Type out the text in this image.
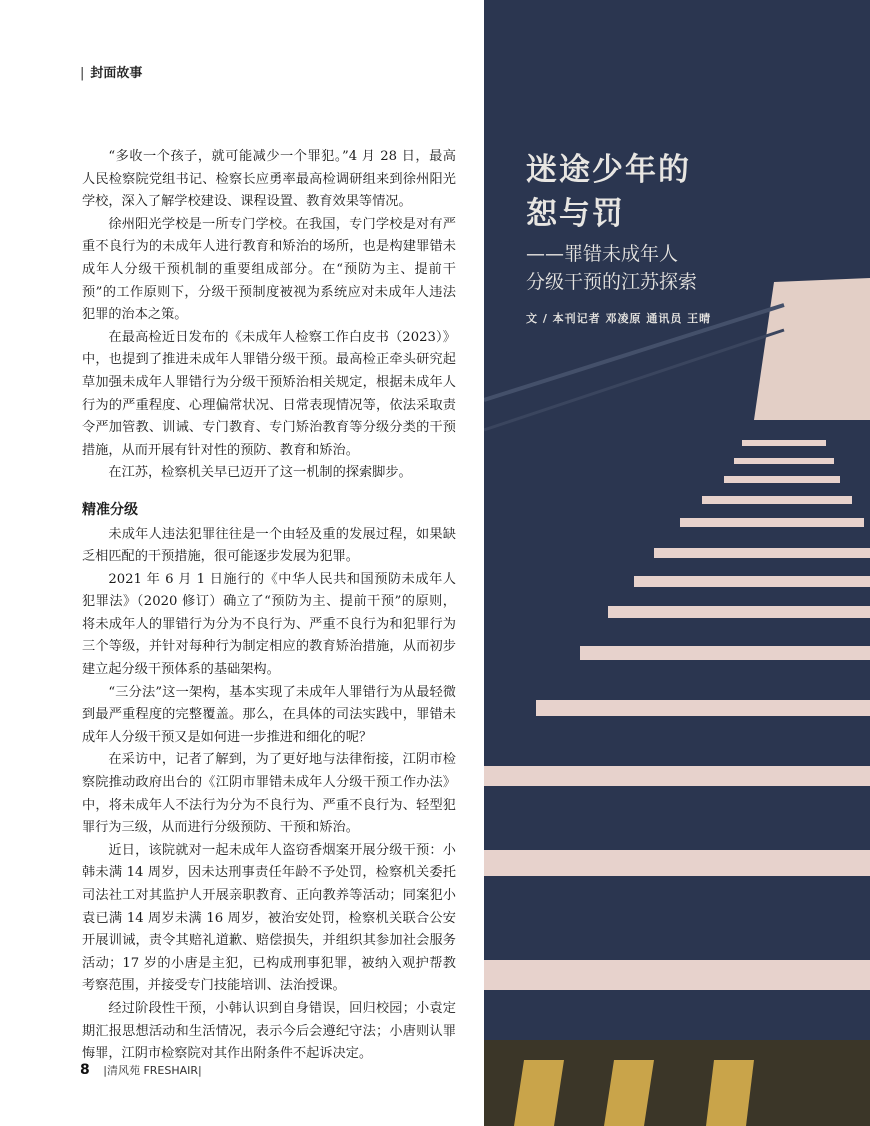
| 封面故事

“多收一个孩子，就可能减少一个罪犯。”4 月 28 日，最高人民检察院党组书记、检察长应勇率最高检调研组来到徐州阳光学校，深入了解学校建设、课程设置、教育效果等情况。

徐州阳光学校是一所专门学校。在我国，专门学校是对有严重不良行为的未成年人进行教育和矫治的场所，也是构建罪错未成年人分级干预机制的重要组成部分。在“预防为主、提前干预”的工作原则下，分级干预制度被视为系统应对未成年人违法犯罪的治本之策。

在最高检近日发布的《未成年人检察工作白皮书（2023）》中，也提到了推进未成年人罪错分级干预。最高检正牵头研究起草加强未成年人罪错行为分级干预矫治相关规定，根据未成年人行为的严重程度、心理偏常状况、日常表现情况等，依法采取责令严加管教、训诫、专门教育、专门矫治教育等分级分类的干预措施，从而开展有针对性的预防、教育和矫治。

在江苏，检察机关早已迈开了这一机制的探索脚步。

精准分级

未成年人违法犯罪往往是一个由轻及重的发展过程，如果缺乏相匹配的干预措施，很可能逐步发展为犯罪。

2021 年 6 月 1 日施行的《中华人民共和国预防未成年人犯罪法》（2020 修订）确立了“预防为主、提前干预”的原则，将未成年人的罪错行为分为不良行为、严重不良行为和犯罪行为三个等级，并针对每种行为制定相应的教育矫治措施，从而初步建立起分级干预体系的基础架构。

“三分法”这一架构，基本实现了未成年人罪错行为从最轻微到最严重程度的完整覆盖。那么，在具体的司法实践中，罪错未成年人分级干预又是如何进一步推进和细化的呢？

在采访中，记者了解到，为了更好地与法律衔接，江阴市检察院推动政府出台的《江阴市罪错未成年人分级干预工作办法》中，将未成年人不法行为分为不良行为、严重不良行为、轻型犯罪行为三级，从而进行分级预防、干预和矫治。

近日，该院就对一起未成年人盗窃香烟案开展分级干预：小韩未满 14 周岁，因未达刑事责任年龄不予处罚，检察机关委托司法社工对其监护人开展亲职教育、正向教养等活动；同案犯小袁已满 14 周岁未满 16 周岁，被治安处罚，检察机关联合公安开展训诫，责令其赔礼道歉、赔偿损失，并组织其参加社会服务活动；17 岁的小唐是主犯，已构成刑事犯罪，被纳入观护帮教考察范围，并接受专门技能培训、法治授课。

经过阶段性干预，小韩认识到自身错误，回归校园；小袁定期汇报思想活动和生活情况，表示今后会遵纪守法；小唐则认罪悔罪，江阴市检察院对其作出附条件不起诉决定。

8 |清风苑 FRESHAIR|
迷途少年的
恕与罚
——罪错未成年人
分级干预的江苏探索
文 / 本刊记者 邓凌原 通讯员 王晴
